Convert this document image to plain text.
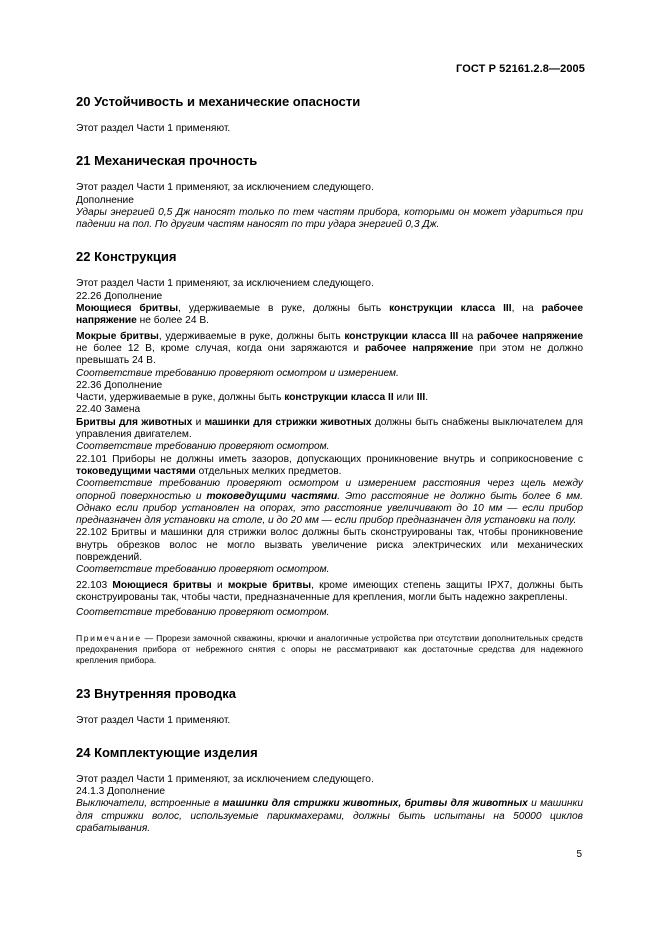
ГОСТ Р 52161.2.8—2005
20 Устойчивость и механические опасности

Этот раздел Части 1 применяют.

21 Механическая прочность

Этот раздел Части 1 применяют, за исключением следующего.

Дополнение

Удары энергией 0,5 Дж наносят только по тем частям прибора, которыми он может удариться при падении на пол. По другим частям наносят по три удара энергией 0,3 Дж.

22 Конструкция

Этот раздел Части 1 применяют, за исключением следующего.

22.26 Дополнение

Моющиеся бритвы, удерживаемые в руке, должны быть конструкции класса III, на рабочее напряжение не более 24 В.

Мокрые бритвы, удерживаемые в руке, должны быть конструкции класса III на рабочее напряжение не более 12 В, кроме случая, когда они заряжаются и рабочее напряжение при этом не должно превышать 24 В.

Соответствие требованию проверяют осмотром и измерением.

22.36 Дополнение

Части, удерживаемые в руке, должны быть конструкции класса II или III.

22.40 Замена

Бритвы для животных и машинки для стрижки животных должны быть снабжены выключателем для управления двигателем.

Соответствие требованию проверяют осмотром.

22.101 Приборы не должны иметь зазоров, допускающих проникновение внутрь и соприкосновение с токоведущими частями отдельных мелких предметов.

Соответствие требованию проверяют осмотром и измерением расстояния через щель между опорной поверхностью и токоведущими частями. Это расстояние не должно быть более 6 мм. Однако если прибор установлен на опорах, это расстояние увеличивают до 10 мм — если прибор предназначен для установки на столе, и до 20 мм — если прибор предназначен для установки на полу.

22.102 Бритвы и машинки для стрижки волос должны быть сконструированы так, чтобы проникновение внутрь обрезков волос не могло вызвать увеличение риска электрических или механических повреждений.

Соответствие требованию проверяют осмотром.

22.103 Моющиеся бритвы и мокрые бритвы, кроме имеющих степень защиты IPX7, должны быть сконструированы так, чтобы части, предназначенные для крепления, могли быть надежно закреплены.

Соответствие требованию проверяют осмотром.

Примечание — Прорези замочной скважины, крючки и аналогичные устройства при отсутствии дополнительных средств предохранения прибора от небрежного снятия с опоры не рассматривают как достаточные средства для надежного крепления прибора.

23 Внутренняя проводка

Этот раздел Части 1 применяют.

24 Комплектующие изделия

Этот раздел Части 1 применяют, за исключением следующего.

24.1.3 Дополнение

Выключатели, встроенные в машинки для стрижки животных, бритвы для животных и машинки для стрижки волос, используемые парикмахерами, должны быть испытаны на 50000 циклов срабатывания.

5
